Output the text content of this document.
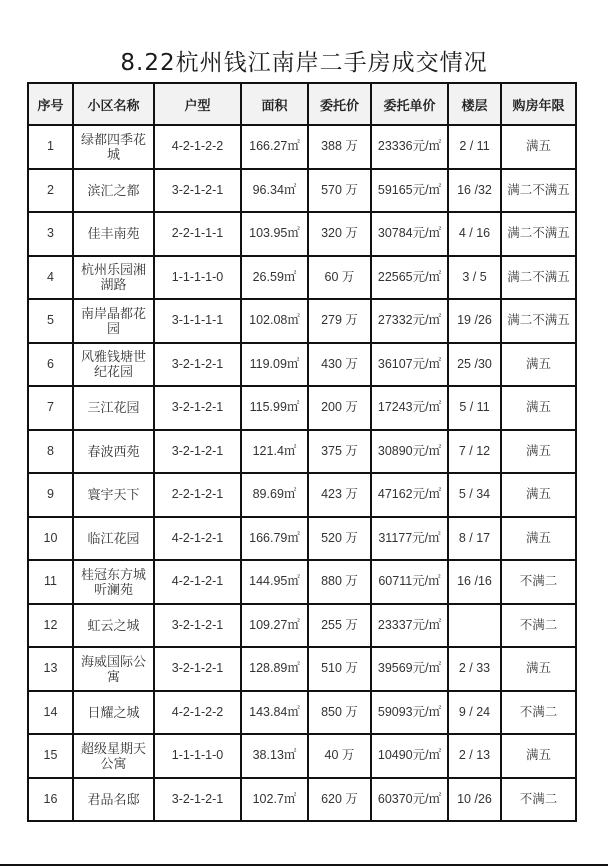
8.22杭州钱江南岸二手房成交情况
序号	小区名称	户型	面积	委托价	委托单价	楼层	购房年限
1	绿都四季花城	4-2-1-2-2	166.27㎡	388 万	23336元/㎡	2 / 11	满五
2	滨汇之都	3-2-1-2-1	96.34㎡	570 万	59165元/㎡	16 /32	满二不满五
3	佳丰南苑	2-2-1-1-1	103.95㎡	320 万	30784元/㎡	4 / 16	满二不满五
4	杭州乐园湘湖路	1-1-1-1-0	26.59㎡	60 万	22565元/㎡	3 / 5	满二不满五
5	南岸晶都花园	3-1-1-1-1	102.08㎡	279 万	27332元/㎡	19 /26	满二不满五
6	风雅钱塘世纪花园	3-2-1-2-1	119.09㎡	430 万	36107元/㎡	25 /30	满五
7	三江花园	3-2-1-2-1	115.99㎡	200 万	17243元/㎡	5 / 11	满五
8	春波西苑	3-2-1-2-1	121.4㎡	375 万	30890元/㎡	7 / 12	满五
9	寰宇天下	2-2-1-2-1	89.69㎡	423 万	47162元/㎡	5 / 34	满五
10	临江花园	4-2-1-2-1	166.79㎡	520 万	31177元/㎡	8 / 17	满五
11	桂冠东方城听澜苑	4-2-1-2-1	144.95㎡	880 万	60711元/㎡	16 /16	不满二
12	虹云之城	3-2-1-2-1	109.27㎡	255 万	23337元/㎡		不满二
13	海威国际公寓	3-2-1-2-1	128.89㎡	510 万	39569元/㎡	2 / 33	满五
14	日耀之城	4-2-1-2-2	143.84㎡	850 万	59093元/㎡	9 / 24	不满二
15	超级星期天公寓	1-1-1-1-0	38.13㎡	40 万	10490元/㎡	2 / 13	满五
16	君品名邸	3-2-1-2-1	102.7㎡	620 万	60370元/㎡	10 /26	不满二
